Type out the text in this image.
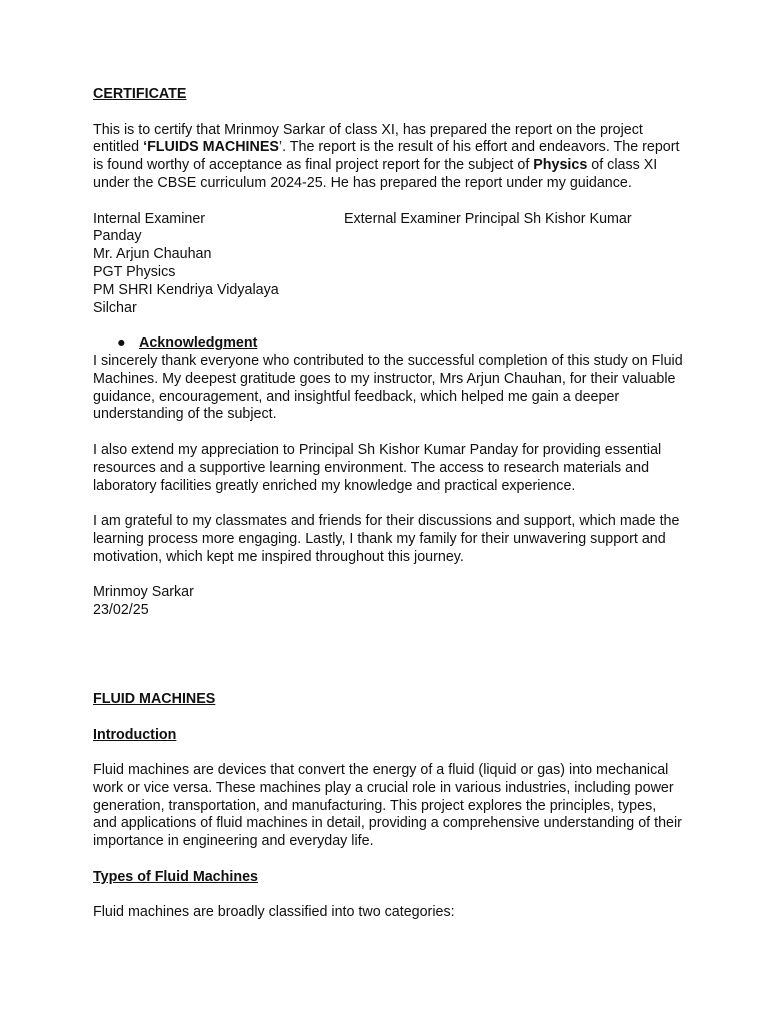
CERTIFICATE

This is to certify that Mrinmoy Sarkar of class XI, has prepared the report on the project entitled ‘FLUIDS MACHINES’. The report is the result of his effort and endeavors. The report is found worthy of acceptance as final project report for the subject of Physics of class XI under the CBSE curriculum 2024-25. He has prepared the report under my guidance.

Internal Examiner	External Examiner Principal Sh Kishor Kumar

Panday

Mr. Arjun Chauhan

PGT Physics

PM SHRI Kendriya Vidyalaya

Silchar

● Acknowledgment

I sincerely thank everyone who contributed to the successful completion of this study on Fluid Machines. My deepest gratitude goes to my instructor, Mrs Arjun Chauhan, for their valuable guidance, encouragement, and insightful feedback, which helped me gain a deeper understanding of the subject.

I also extend my appreciation to Principal Sh Kishor Kumar Panday for providing essential resources and a supportive learning environment. The access to research materials and laboratory facilities greatly enriched my knowledge and practical experience.

I am grateful to my classmates and friends for their discussions and support, which made the learning process more engaging. Lastly, I thank my family for their unwavering support and motivation, which kept me inspired throughout this journey.

Mrinmoy Sarkar

23/02/25

FLUID MACHINES

Introduction

Fluid machines are devices that convert the energy of a fluid (liquid or gas) into mechanical work or vice versa. These machines play a crucial role in various industries, including power generation, transportation, and manufacturing. This project explores the principles, types, and applications of fluid machines in detail, providing a comprehensive understanding of their importance in engineering and everyday life.

Types of Fluid Machines

Fluid machines are broadly classified into two categories:
